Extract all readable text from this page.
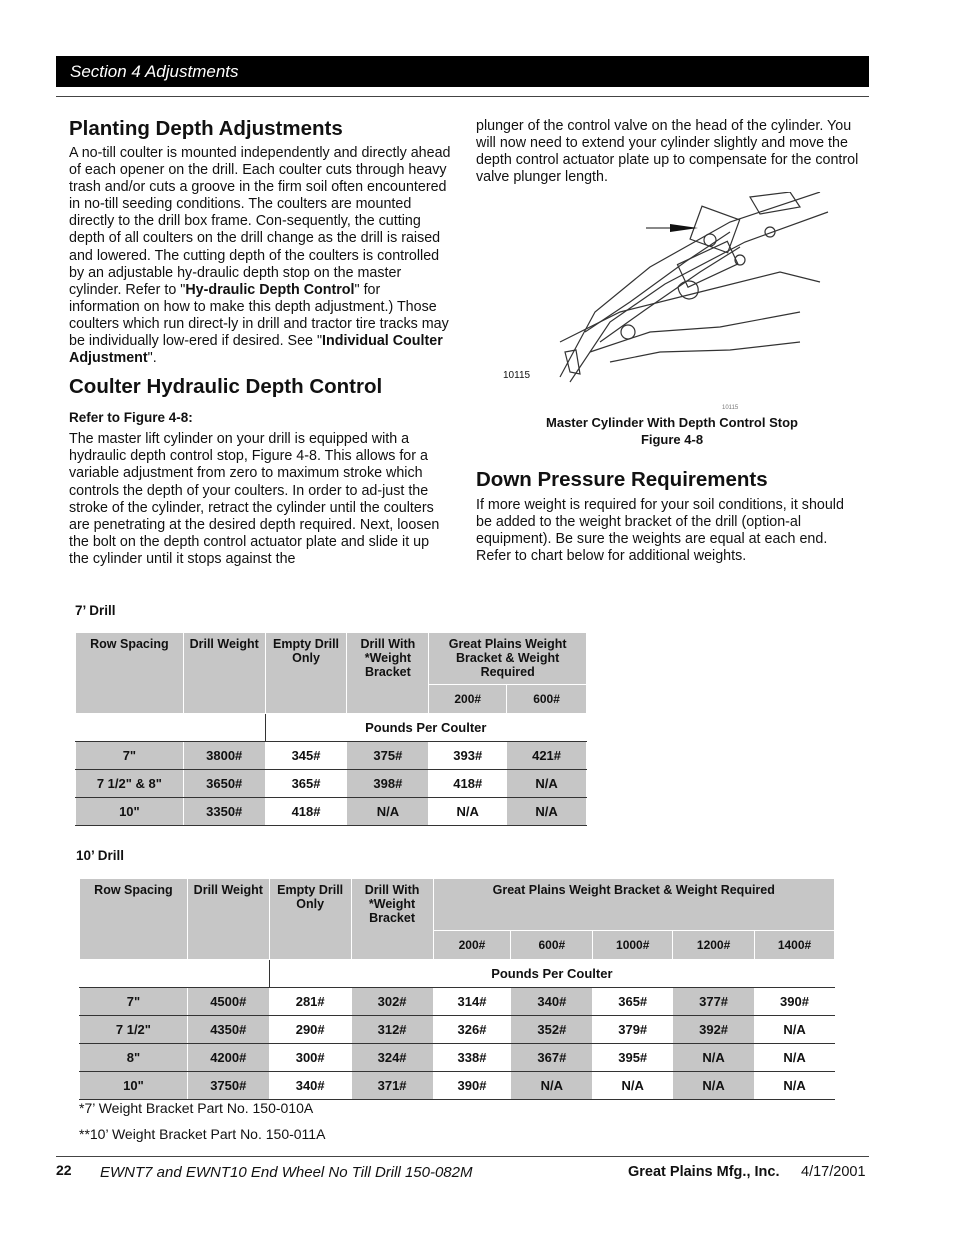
Section 4 Adjustments
Planting Depth Adjustments

A no-till coulter is mounted independently and directly ahead of each opener on the drill. Each coulter cuts through heavy trash and/or cuts a groove in the firm soil often encountered in no-till seeding conditions. The coulters are mounted directly to the drill box frame. Con-sequently, the cutting depth of all coulters on the drill change as the drill is raised and lowered. The cutting depth of the coulters is controlled by an adjustable hy-draulic depth stop on the master cylinder. Refer to "Hy-draulic Depth Control" for information on how to make this depth adjustment.) Those coulters which run direct-ly in drill and tractor tire tracks may be individually low-ered if desired. See "Individual Coulter Adjustment".

Coulter Hydraulic Depth Control
Refer to Figure 4-8:

The master lift cylinder on your drill is equipped with a hydraulic depth control stop, Figure 4-8. This allows for a variable adjustment from zero to maximum stroke which controls the depth of your coulters. In order to ad-just the stroke of the cylinder, retract the cylinder until the coulters are penetrating at the desired depth required. Next, loosen the bolt on the depth control actuator plate and slide it up the cylinder until it stops against the

plunger of the control valve on the head of the cylinder. You will now need to extend your cylinder slightly and move the depth control actuator plate up to compensate for the control valve plunger length.

10115
10115
Master Cylinder With Depth Control Stop
Figure 4-8
Down Pressure Requirements

If more weight is required for your soil conditions, it should be added to the weight bracket of the drill (option-al equipment). Be sure the weights are equal at each end. Refer to chart below for additional weights.

7’ Drill
Row Spacing	Drill Weight	Empty Drill Only	Drill With *Weight Bracket	Great Plains Weight Bracket & Weight Required	
				200#	600#
		Pounds Per Coulter			
7"	3800#	345#	375#	393#	421#
7 1/2" & 8"	3650#	365#	398#	418#	N/A
10"	3350#	418#	N/A	N/A	N/A
10’ Drill
Row Spacing	Drill Weight	Empty Drill Only	Drill With *Weight Bracket	Great Plains Weight Bracket & Weight Required				
				200#	600#	1000#	1200#	1400#
		Pounds Per Coulter						
7"	4500#	281#	302#	314#	340#	365#	377#	390#
7 1/2"	4350#	290#	312#	326#	352#	379#	392#	N/A
8"	4200#	300#	324#	338#	367#	395#	N/A	N/A
10"	3750#	340#	371#	390#	N/A	N/A	N/A	N/A
*7’ Weight Bracket Part No. 150-010A
**10’ Weight Bracket Part No. 150-011A
22 EWNT7 and EWNT10 End Wheel No Till Drill 150-082M	Great Plains Mfg., Inc. 4/17/2001
